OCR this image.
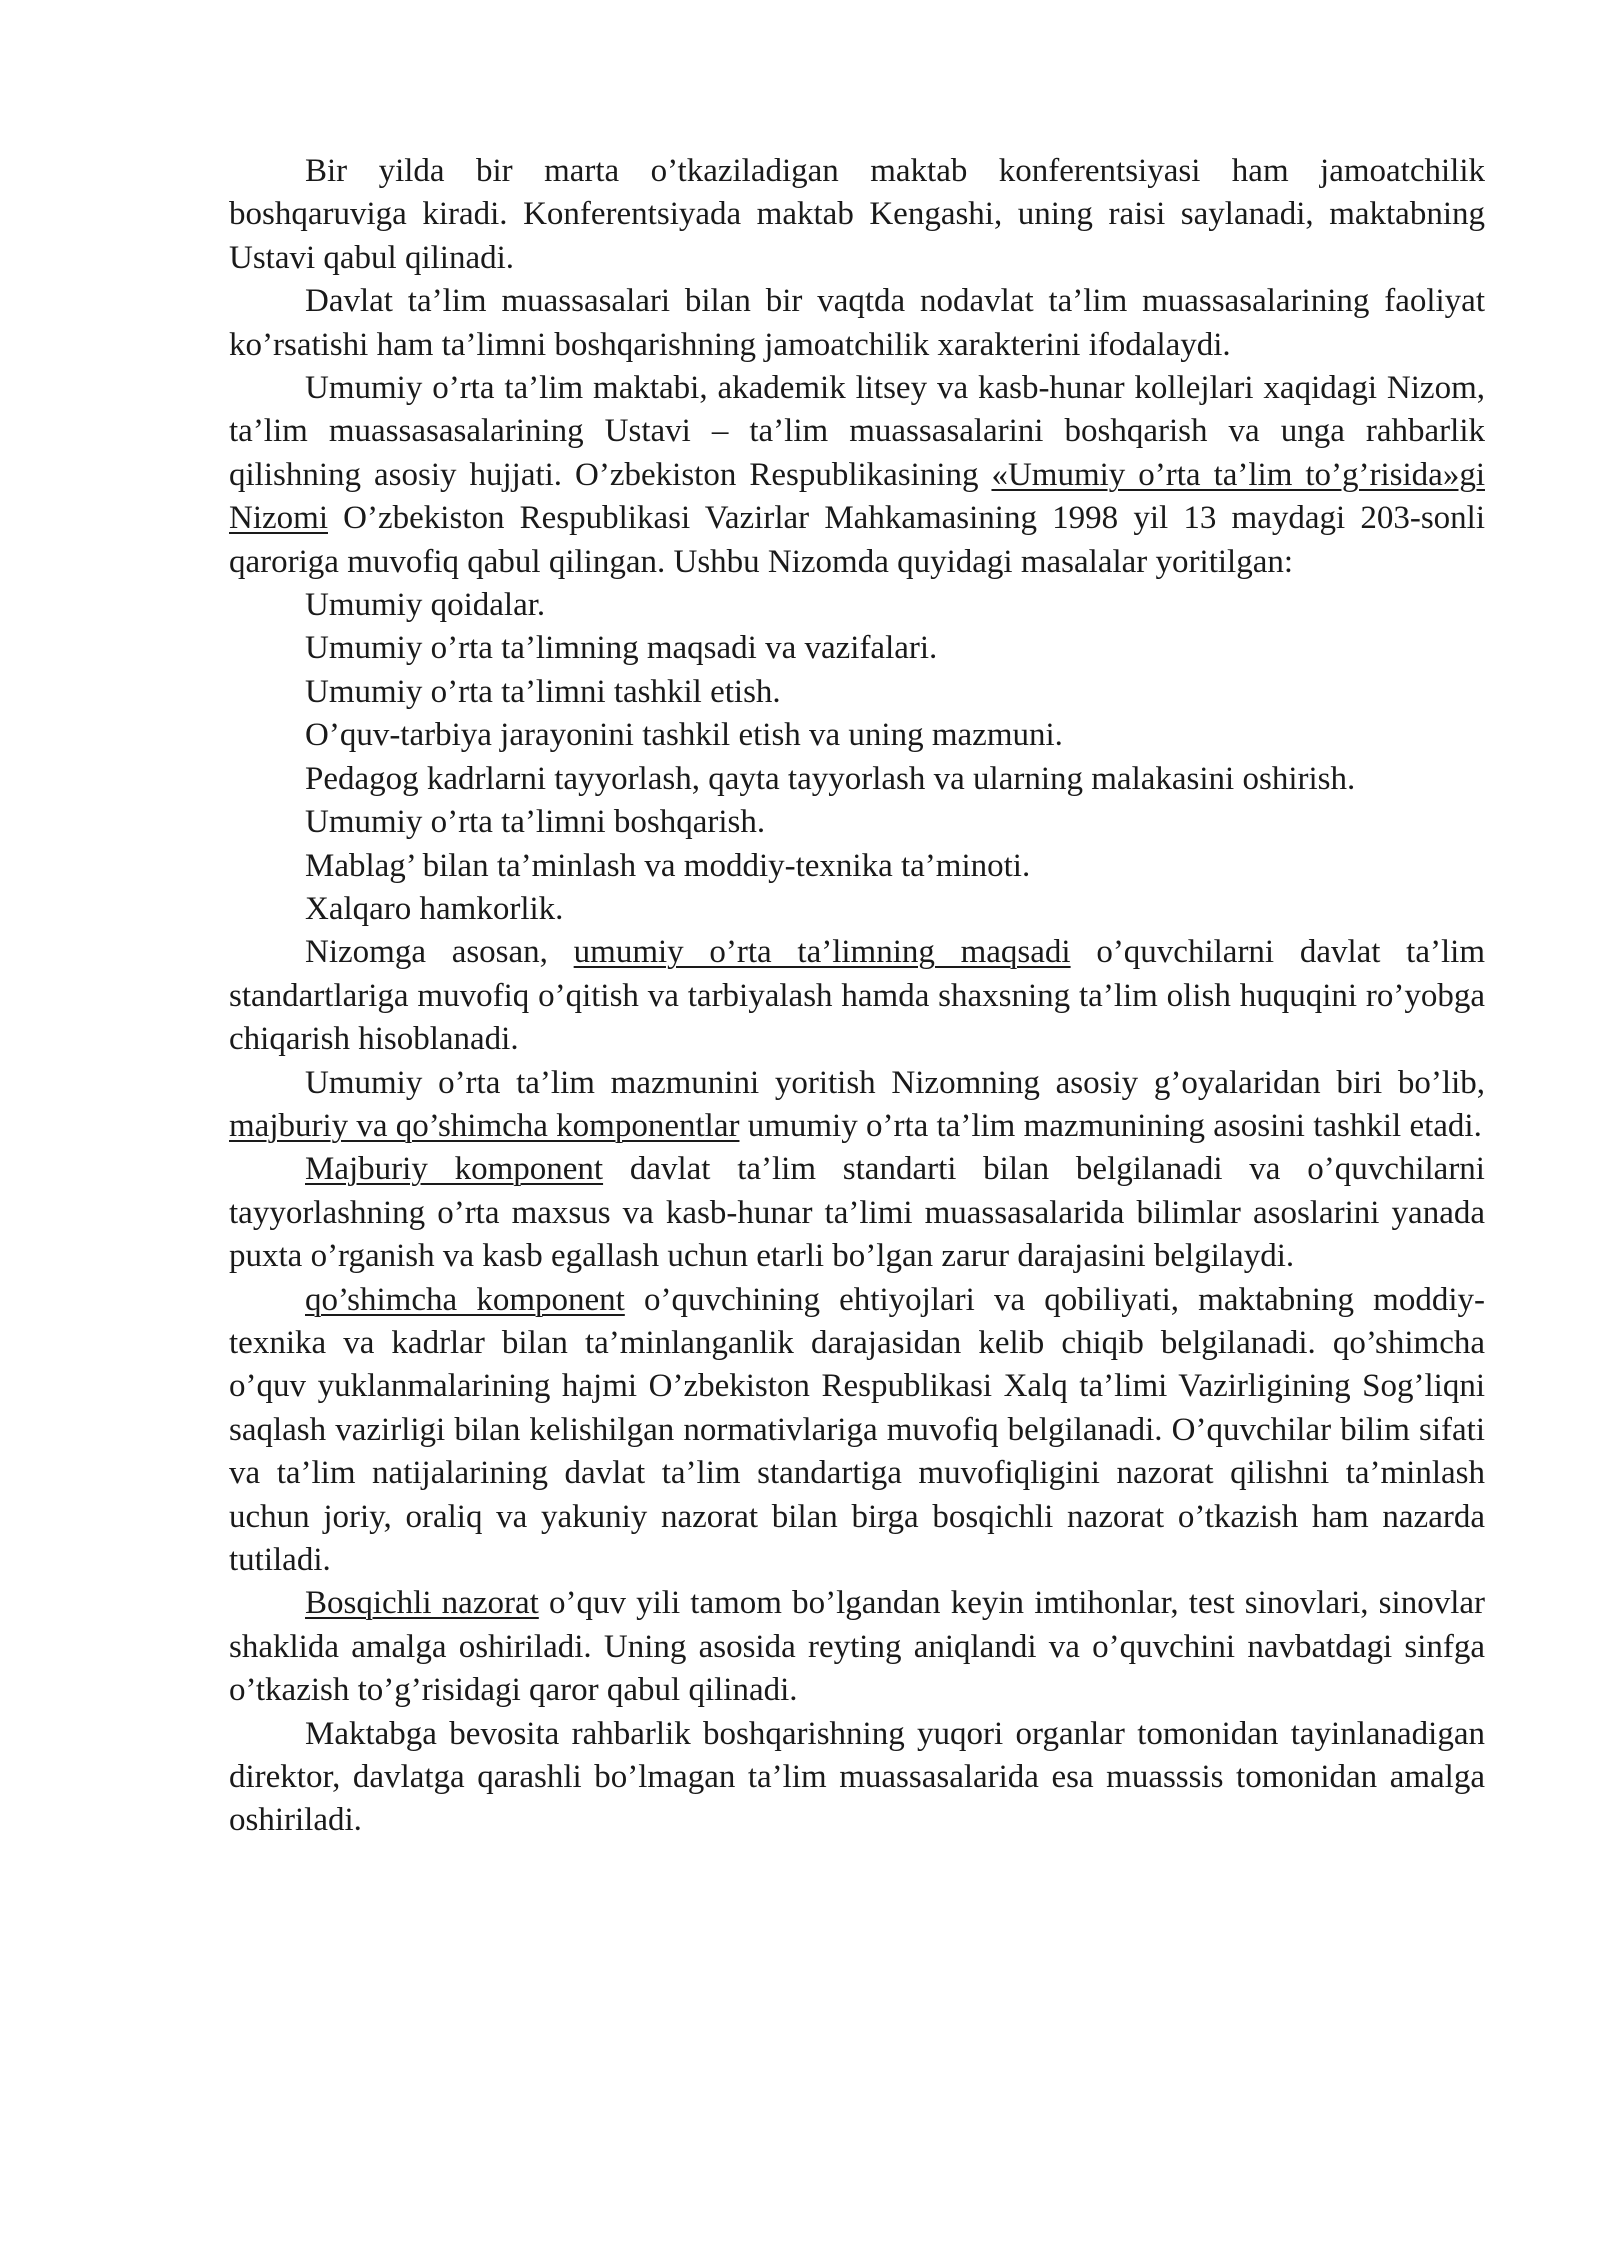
Bir yilda bir marta o’tkaziladigan maktab konferentsiyasi ham jamoatchilik boshqaruviga kiradi. Konferentsiyada maktab Kengashi, uning raisi saylanadi, maktabning Ustavi qabul qilinadi.

Davlat ta’lim muassasalari bilan bir vaqtda nodavlat ta’lim muassasalarining faoliyat ko’rsatishi ham ta’limni boshqarishning jamoatchilik xarakterini ifodalaydi.

Umumiy o’rta ta’lim maktabi, akademik litsey va kasb-hunar kollejlari xaqidagi Nizom, ta’lim muassasasalarining Ustavi – ta’lim muassasalarini boshqarish va unga rahbarlik qilishning asosiy hujjati. O’zbekiston Respublikasining «Umumiy o’rta ta’lim to’g’risida»gi Nizomi O’zbekiston Respublikasi Vazirlar Mahkamasining 1998 yil 13 maydagi 203-sonli qaroriga muvofiq qabul qilingan. Ushbu Nizomda quyidagi masalalar yoritilgan:

Umumiy qoidalar.

Umumiy o’rta ta’limning maqsadi va vazifalari.

Umumiy o’rta ta’limni tashkil etish.

O’quv-tarbiya jarayonini tashkil etish va uning mazmuni.

Pedagog kadrlarni tayyorlash, qayta tayyorlash va ularning malakasini oshirish.

Umumiy o’rta ta’limni boshqarish.

Mablag’ bilan ta’minlash va moddiy-texnika ta’minoti.

Xalqaro hamkorlik.

Nizomga asosan, umumiy o’rta ta’limning maqsadi o’quvchilarni davlat ta’lim standartlariga muvofiq o’qitish va tarbiyalash hamda shaxsning ta’lim olish huquqini ro’yobga chiqarish hisoblanadi.

Umumiy o’rta ta’lim mazmunini yoritish Nizomning asosiy g’oyalaridan biri bo’lib, majburiy va qo’shimcha komponentlar umumiy o’rta ta’lim mazmunining asosini tashkil etadi.

Majburiy komponent davlat ta’lim standarti bilan belgilanadi va o’quvchilarni tayyorlashning o’rta maxsus va kasb-hunar ta’limi muassasalarida bilimlar asoslarini yanada puxta o’rganish va kasb egallash uchun etarli bo’lgan zarur darajasini belgilaydi.

qo’shimcha komponent o’quvchining ehtiyojlari va qobiliyati, maktabning moddiy-texnika va kadrlar bilan ta’minlanganlik darajasidan kelib chiqib belgilanadi. qo’shimcha o’quv yuklanmalarining hajmi O’zbekiston Respublikasi Xalq ta’limi Vazirligining Sog’liqni saqlash vazirligi bilan kelishilgan normativlariga muvofiq belgilanadi. O’quvchilar bilim sifati va ta’lim natijalarining davlat ta’lim standartiga muvofiqligini nazorat qilishni ta’minlash uchun joriy, oraliq va yakuniy nazorat bilan birga bosqichli nazorat o’tkazish ham nazarda tutiladi.

Bosqichli nazorat o’quv yili tamom bo’lgandan keyin imtihonlar, test sinovlari, sinovlar shaklida amalga oshiriladi. Uning asosida reyting aniqlandi va o’quvchini navbatdagi sinfga o’tkazish to’g’risidagi qaror qabul qilinadi.

Maktabga bevosita rahbarlik boshqarishning yuqori organlar tomonidan tayinlanadigan direktor, davlatga qarashli bo’lmagan ta’lim muassasalarida esa muasssis tomonidan amalga oshiriladi.
